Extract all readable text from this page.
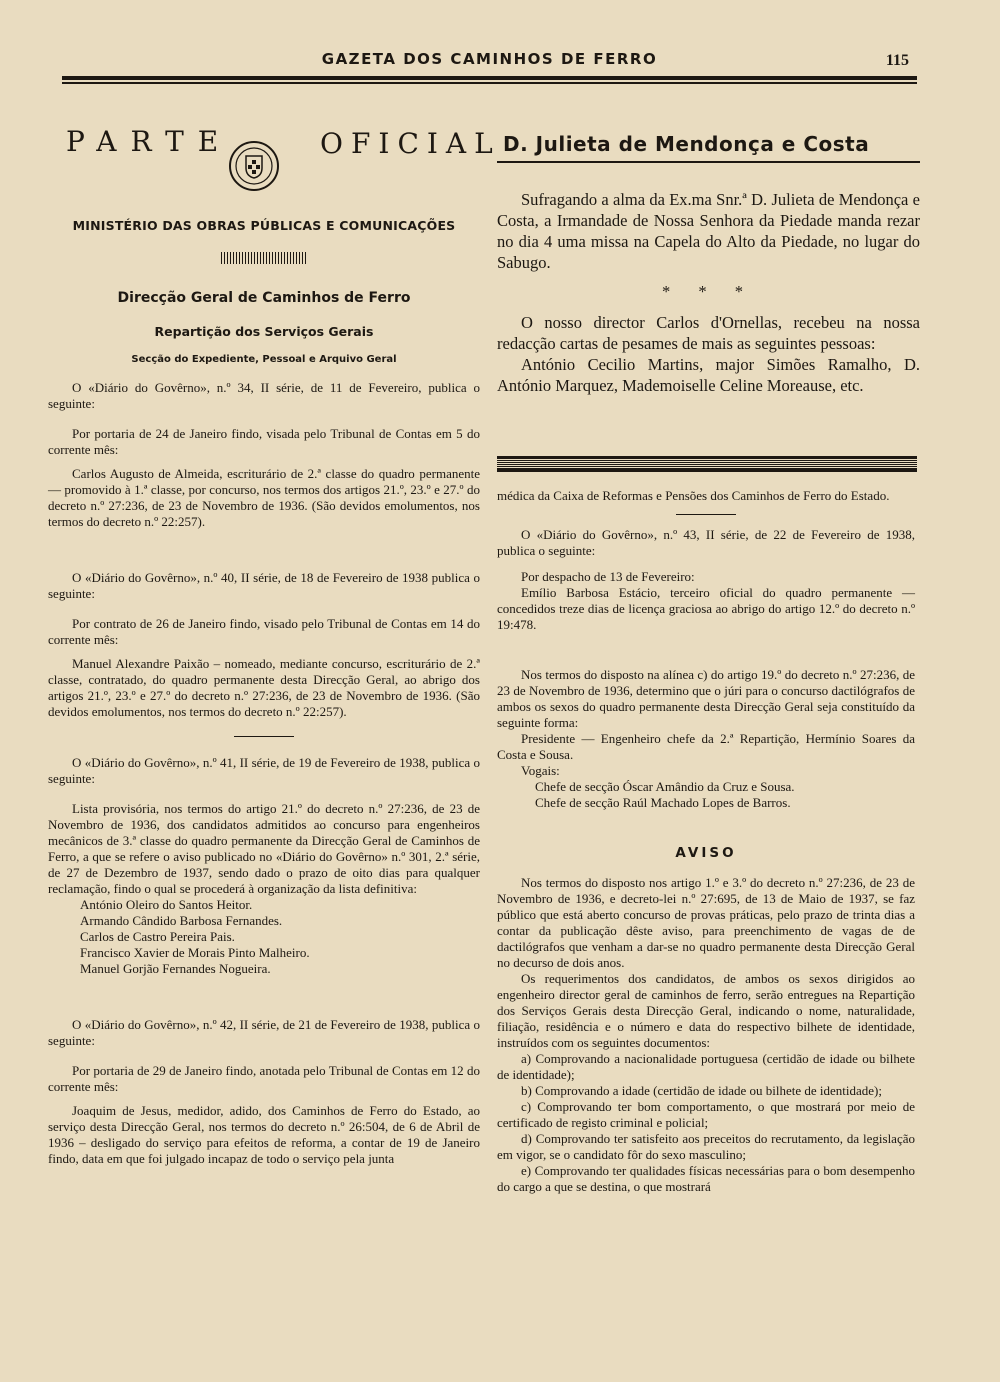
GAZETA DOS CAMINHOS DE FERRO	115
PARTE	OFICIAL
MINISTÉRIO DAS OBRAS PÚBLICAS E COMUNICAÇÕES
Direcção Geral de Caminhos de Ferro
Repartição dos Serviços Gerais
Secção do Expediente, Pessoal e Arquivo Geral

O «Diário do Govêrno», n.º 34, II série, de 11 de Fevereiro, publica o seguinte:

Por portaria de 24 de Janeiro findo, visada pelo Tribunal de Contas em 5 do corrente mês:

Carlos Augusto de Almeida, escriturário de 2.ª classe do quadro permanente — promovido à 1.ª classe, por concurso, nos termos dos artigos 21.º, 23.º e 27.º do decreto n.º 27:236, de 23 de Novembro de 1936. (São devidos emolumentos, nos termos do decreto n.º 22:257).

O «Diário do Govêrno», n.º 40, II série, de 18 de Fevereiro de 1938 publica o seguinte:

Por contrato de 26 de Janeiro findo, visado pelo Tribunal de Contas em 14 do corrente mês:

Manuel Alexandre Paixão – nomeado, mediante concurso, escriturário de 2.ª classe, contratado, do quadro permanente desta Direcção Geral, ao abrigo dos artigos 21.º, 23.º e 27.º do decreto n.º 27:236, de 23 de Novembro de 1936. (São devidos emolumentos, nos termos do decreto n.º 22:257).

O «Diário do Govêrno», n.º 41, II série, de 19 de Fevereiro de 1938, publica o seguinte:

Lista provisória, nos termos do artigo 21.º do decreto n.º 27:236, de 23 de Novembro de 1936, dos candidatos admitidos ao concurso para engenheiros mecânicos de 3.ª classe do quadro permanente da Direcção Geral de Caminhos de Ferro, a que se refere o aviso publicado no «Diário do Govêrno» n.º 301, 2.ª série, de 27 de Dezembro de 1937, sendo dado o prazo de oito dias para qualquer reclamação, findo o qual se procederá à organização da lista definitiva:

António Oleiro do Santos Heitor.

Armando Cândido Barbosa Fernandes.

Carlos de Castro Pereira Pais.

Francisco Xavier de Morais Pinto Malheiro.

Manuel Gorjão Fernandes Nogueira.

O «Diário do Govêrno», n.º 42, II série, de 21 de Fevereiro de 1938, publica o seguinte:

Por portaria de 29 de Janeiro findo, anotada pelo Tribunal de Contas em 12 do corrente mês:

Joaquim de Jesus, medidor, adido, dos Caminhos de Ferro do Estado, ao serviço desta Direcção Geral, nos termos do decreto n.º 26:504, de 6 de Abril de 1936 – desligado do serviço para efeitos de reforma, a contar de 19 de Janeiro findo, data em que foi julgado incapaz de todo o serviço pela junta

D. Julieta de Mendonça e Costa

Sufragando a alma da Ex.ma Snr.ª D. Julieta de Mendonça e Costa, a Irmandade de Nossa Senhora da Piedade manda rezar no dia 4 uma missa na Capela do Alto da Piedade, no lugar do Sabugo.

* * *

O nosso director Carlos d'Ornellas, recebeu na nossa redacção cartas de pesames de mais as seguintes pessoas:

António Cecilio Martins, major Simões Ramalho, D. António Marquez, Mademoiselle Celine Moreause, etc.

médica da Caixa de Reformas e Pensões dos Caminhos de Ferro do Estado.

O «Diário do Govêrno», n.º 43, II série, de 22 de Fevereiro de 1938, publica o seguinte:

Por despacho de 13 de Fevereiro:

Emílio Barbosa Estácio, terceiro oficial do quadro permanente — concedidos treze dias de licença graciosa ao abrigo do artigo 12.º do decreto n.º 19:478.

Nos termos do disposto na alínea c) do artigo 19.º do decreto n.º 27:236, de 23 de Novembro de 1936, determino que o júri para o concurso dactilógrafos de ambos os sexos do quadro permanente desta Direcção Geral seja constituído da seguinte forma:

Presidente — Engenheiro chefe da 2.ª Repartição, Hermínio Soares da Costa e Sousa.

Vogais:

Chefe de secção Óscar Amândio da Cruz e Sousa.

Chefe de secção Raúl Machado Lopes de Barros.

AVISO

Nos termos do disposto nos artigo 1.º e 3.º do decreto n.º 27:236, de 23 de Novembro de 1936, e decreto-lei n.º 27:695, de 13 de Maio de 1937, se faz público que está aberto concurso de provas práticas, pelo prazo de trinta dias a contar da publicação dêste aviso, para preenchimento de vagas de de dactilógrafos que venham a dar-se no quadro permanente desta Direcção Geral no decurso de dois anos.

Os requerimentos dos candidatos, de ambos os sexos dirigidos ao engenheiro director geral de caminhos de ferro, serão entregues na Repartição dos Serviços Gerais desta Direcção Geral, indicando o nome, naturalidade, filiação, residência e o número e data do respectivo bilhete de identidade, instruídos com os seguintes documentos:

a) Comprovando a nacionalidade portuguesa (certidão de idade ou bilhete de identidade);

b) Comprovando a idade (certidão de idade ou bilhete de identidade);

c) Comprovando ter bom comportamento, o que mostrará por meio de certificado de registo criminal e policial;

d) Comprovando ter satisfeito aos preceitos do recrutamento, da legislação em vigor, se o candidato fôr do sexo masculino;

e) Comprovando ter qualidades físicas necessárias para o bom desempenho do cargo a que se destina, o que mostrará
